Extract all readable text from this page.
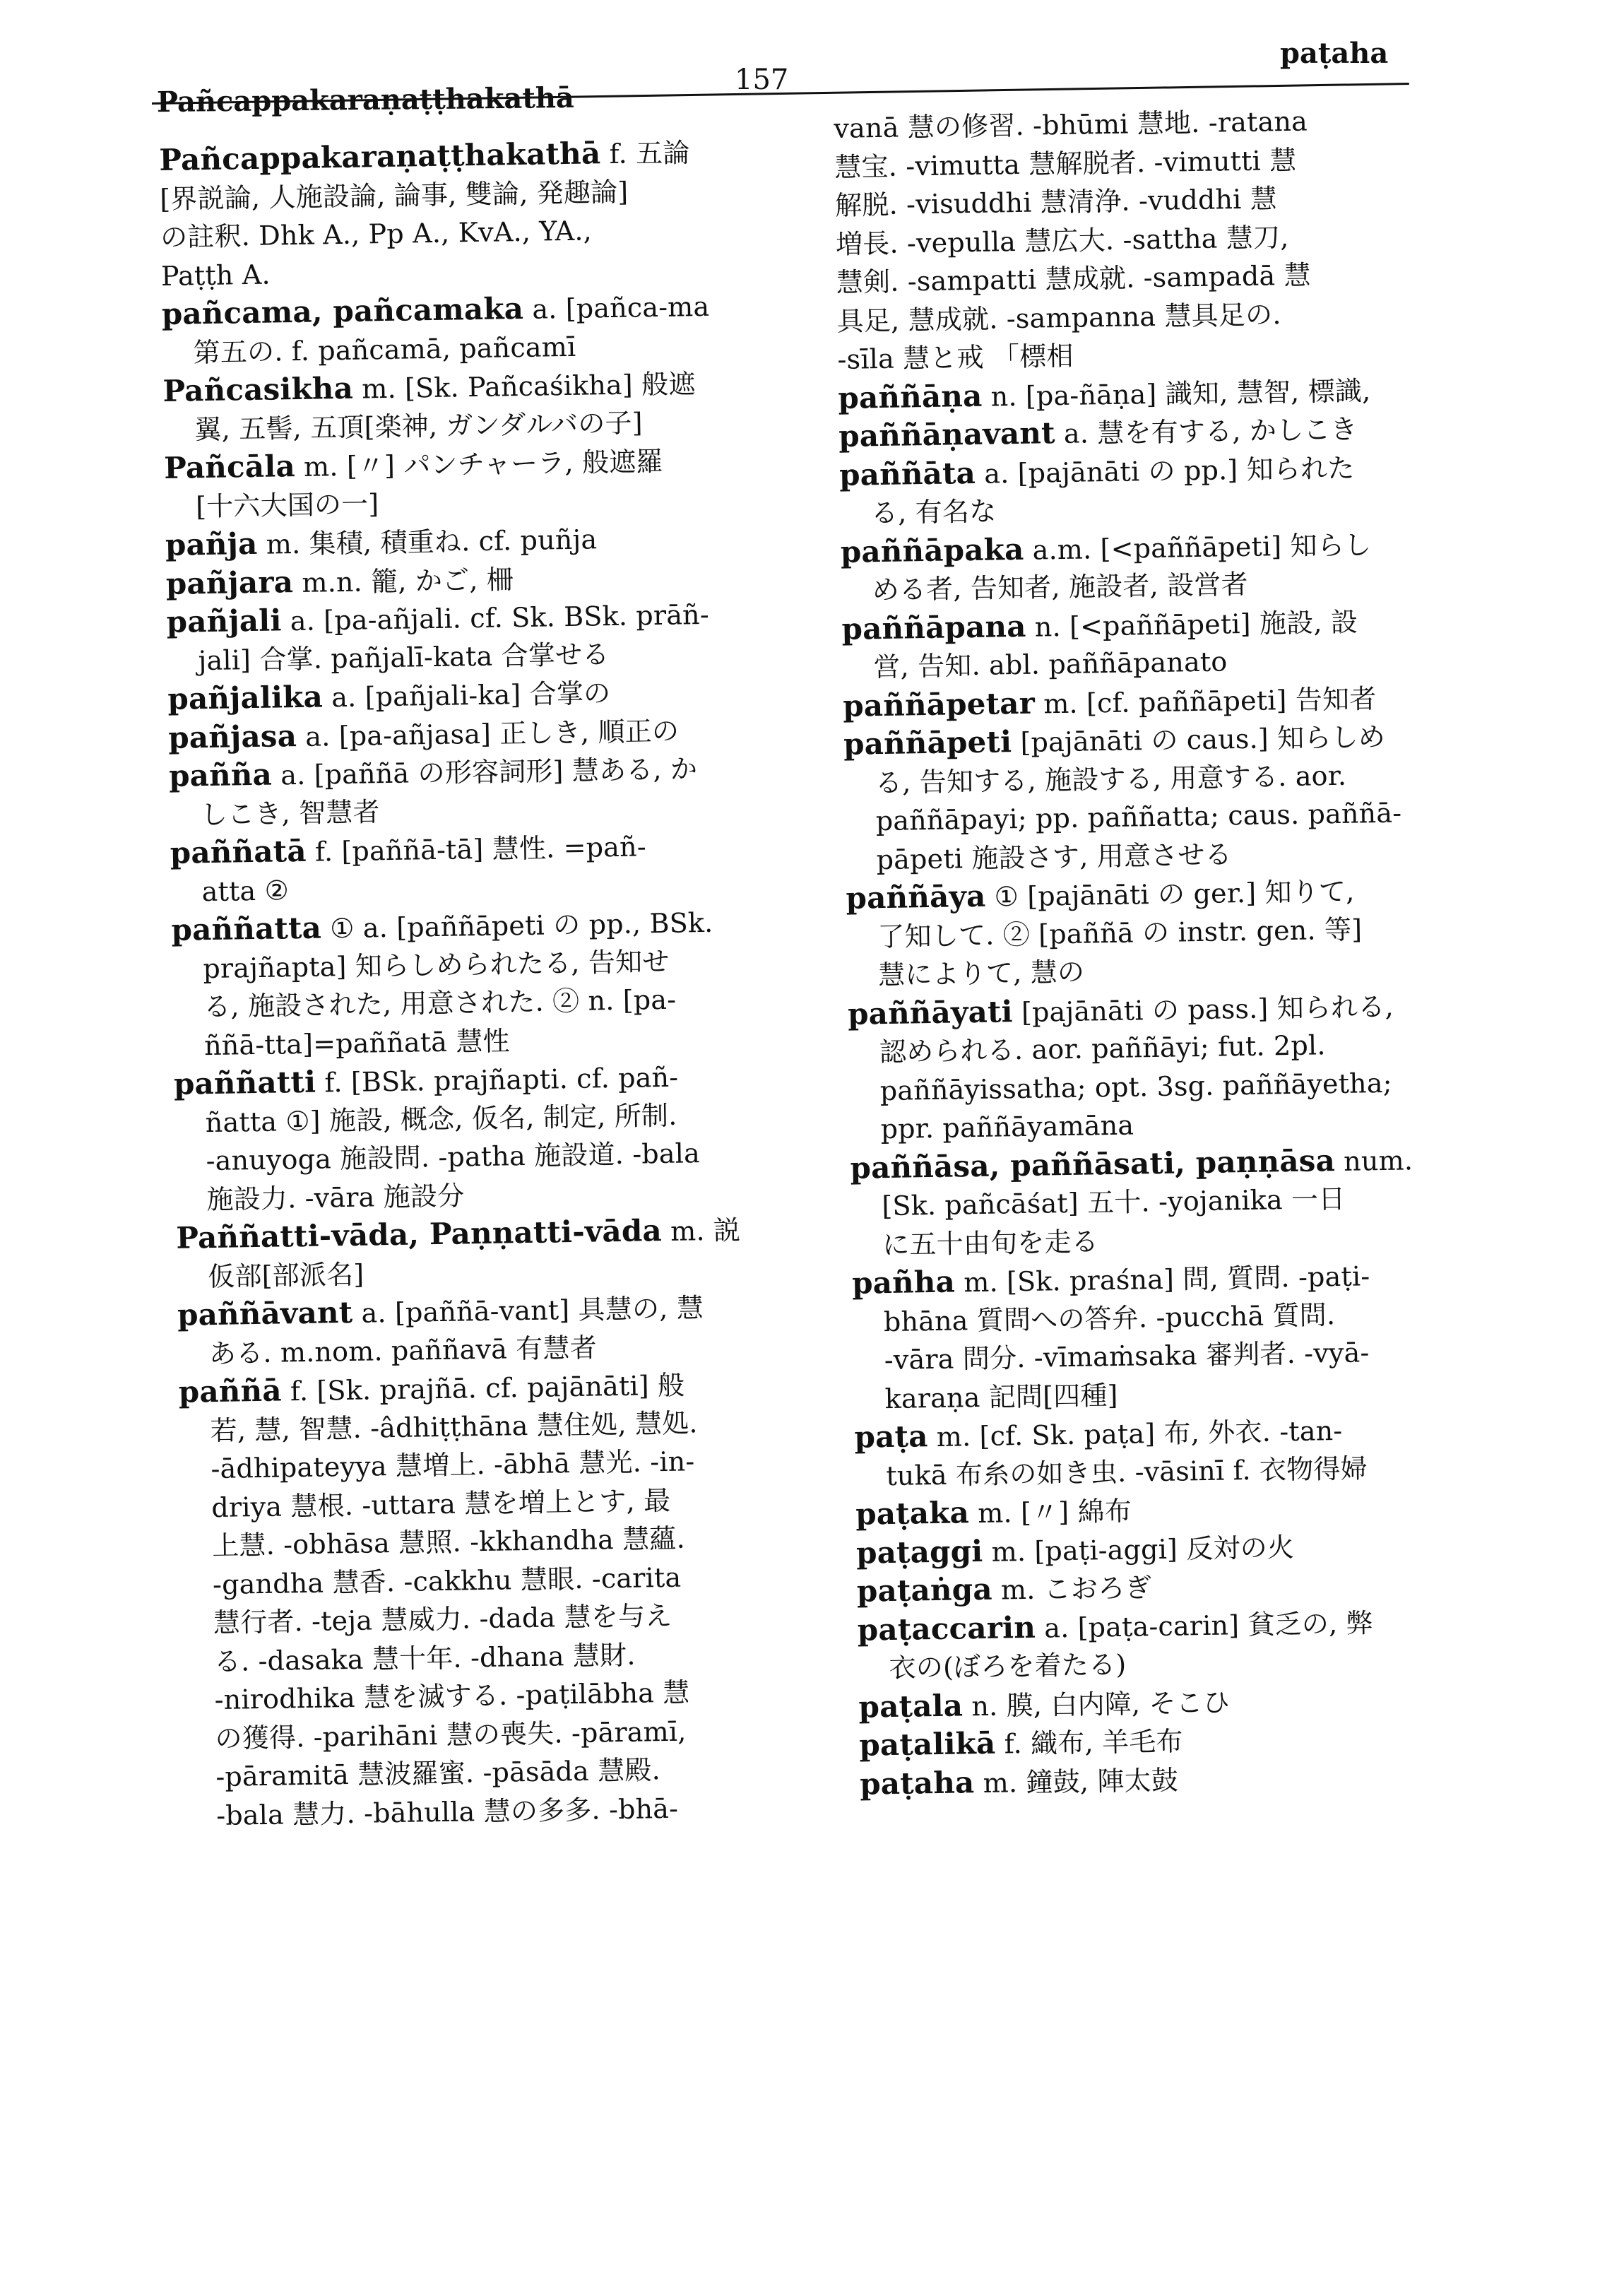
Pañcappakaraṇaṭṭhakathā
157
paṭaha
Pañcappakaraṇaṭṭhakathā f. 五論
[界説論, 人施設論, 論事, 雙論, 発趣論]
の註釈. Dhk A., Pp A., KvA., YA.,
Paṭṭh A.
pañcama, pañcamaka a. [pañca-ma
第五の. f. pañcamā, pañcamī
Pañcasikha m. [Sk. Pañcaśikha] 般遮
翼, 五髻, 五頂[楽神, ガンダルバの子]
Pañcāla m. [〃] パンチャーラ, 般遮羅
[十六大国の一]
pañja m. 集積, 積重ね. cf. puñja
pañjara m.n. 籠, かご, 柵
pañjali a. [pa-añjali. cf. Sk. BSk. prāñ-
jali] 合掌. pañjalī-kata 合掌せる
pañjalika a. [pañjali-ka] 合掌の
pañjasa a. [pa-añjasa] 正しき, 順正の
pañña a. [paññā の形容詞形] 慧ある, か
しこき, 智慧者
paññatā f. [paññā-tā] 慧性. =pañ-
atta ②
paññatta ① a. [paññāpeti の pp., BSk.
prajñapta] 知らしめられたる, 告知せ
る, 施設された, 用意された. ② n. [pa-
ññā-tta]=paññatā 慧性
paññatti f. [BSk. prajñapti. cf. pañ-
ñatta ①] 施設, 概念, 仮名, 制定, 所制.
-anuyoga 施設問. -patha 施設道. -bala
施設力. -vāra 施設分
Paññatti-vāda, Paṇṇatti-vāda m. 説
仮部[部派名]
paññāvant a. [paññā-vant] 具慧の, 慧
ある. m.nom. paññavā 有慧者
paññā f. [Sk. prajñā. cf. pajānāti] 般
若, 慧, 智慧. -âdhiṭṭhāna 慧住処, 慧処.
-ādhipateyya 慧増上. -ābhā 慧光. -in-
driya 慧根. -uttara 慧を増上とす, 最
上慧. -obhāsa 慧照. -kkhandha 慧蘊.
-gandha 慧香. -cakkhu 慧眼. -carita
慧行者. -teja 慧威力. -dada 慧を与え
る. -dasaka 慧十年. -dhana 慧財.
-nirodhika 慧を滅する. -paṭilābha 慧
の獲得. -parihāni 慧の喪失. -pāramī,
-pāramitā 慧波羅蜜. -pāsāda 慧殿.
-bala 慧力. -bāhulla 慧の多多. -bhā-
vanā 慧の修習. -bhūmi 慧地. -ratana
慧宝. -vimutta 慧解脱者. -vimutti 慧
解脱. -visuddhi 慧清浄. -vuddhi 慧
増長. -vepulla 慧広大. -sattha 慧刀,
慧剣. -sampatti 慧成就. -sampadā 慧
具足, 慧成就. -sampanna 慧具足の.
-sīla 慧と戒 「標相
paññāṇa n. [pa-ñāṇa] 識知, 慧智, 標識,
paññāṇavant a. 慧を有する, かしこき
paññāta a. [pajānāti の pp.] 知られた
る, 有名な
paññāpaka a.m. [<paññāpeti] 知らし
める者, 告知者, 施設者, 設営者
paññāpana n. [<paññāpeti] 施設, 設
営, 告知. abl. paññāpanato
paññāpetar m. [cf. paññāpeti] 告知者
paññāpeti [pajānāti の caus.] 知らしめ
る, 告知する, 施設する, 用意する. aor.
paññāpayi; pp. paññatta; caus. paññā-
pāpeti 施設さす, 用意させる
paññāya ① [pajānāti の ger.] 知りて,
了知して. ② [paññā の instr. gen. 等]
慧によりて, 慧の
paññāyati [pajānāti の pass.] 知られる,
認められる. aor. paññāyi; fut. 2pl.
paññāyissatha; opt. 3sg. paññāyetha;
ppr. paññāyamāna
paññāsa, paññāsati, paṇṇāsa num.
[Sk. pañcāśat] 五十. -yojanika 一日
に五十由旬を走る
pañha m. [Sk. praśna] 問, 質問. -paṭi-
bhāna 質問への答弁. -pucchā 質問.
-vāra 問分. -vīmaṁsaka 審判者. -vyā-
karaṇa 記問[四種]
paṭa m. [cf. Sk. paṭa] 布, 外衣. -tan-
tukā 布糸の如き虫. -vāsinī f. 衣物得婦
paṭaka m. [〃] 綿布
paṭaggi m. [paṭi-aggi] 反対の火
paṭaṅga m. こおろぎ
paṭaccarin a. [paṭa-carin] 貧乏の, 弊
衣の(ぼろを着たる)
paṭala n. 膜, 白内障, そこひ
paṭalikā f. 織布, 羊毛布
paṭaha m. 鐘鼓, 陣太鼓
